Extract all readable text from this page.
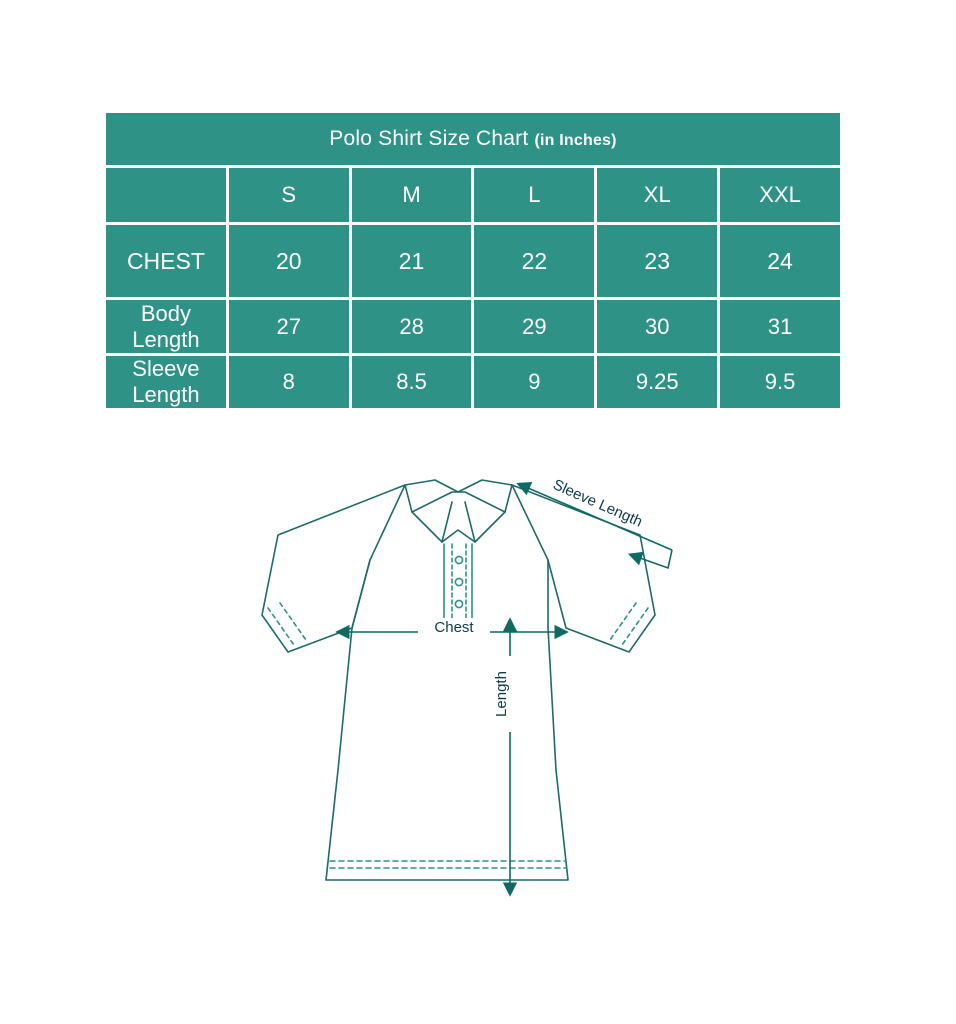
Polo Shirt Size Chart (in Inches)					
	S	M	L	XL	XXL
CHEST	20	21	22	23	24
Body Length	27	28	29	30	31
Sleeve Length	8	8.5	9	9.25	9.5
Chest
Length
Sleeve Length
